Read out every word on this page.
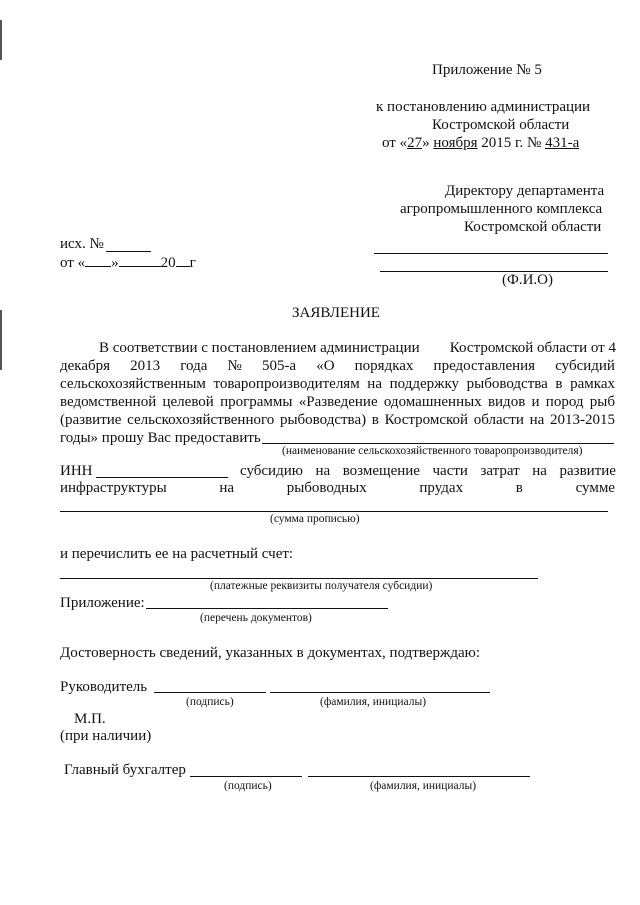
Приложение № 5
к постановлению администрации
Костромской области
от «27» ноября 2015 г. № 431-а
Директору департамента
агропромышленного комплекса
Костромской области
(Ф.И.О)
исх. №
от « »	20 г
ЗАЯВЛЕНИЕ
В соответствии с постановлением администрации Костромской области от 4
декабря 2013 года № 505-а «О порядках предоставления субсидий
сельскохозяйственным товаропроизводителям на поддержку рыбоводства в рамках
ведомственной целевой программы «Разведение одомашненных видов и пород рыб
(развитие сельскохозяйственного рыбоводства) в Костромской области на 2013-2015
годы» прошу Вас предоставить
(наименование сельскохозяйственного товаропроизводителя)
ИНН	субсидию на возмещение части затрат на развитие
инфраструктуры	на	рыбоводных	прудах	в	сумме
(сумма прописью)
и перечислить ее на расчетный счет:
(платежные реквизиты получателя субсидии)
Приложение:
(перечень документов)
Достоверность сведений, указанных в документах, подтверждаю:
Руководитель
(подпись)	(фамилия, инициалы)
М.П.
(при наличии)
Главный бухгалтер
(подпись)	(фамилия, инициалы)
